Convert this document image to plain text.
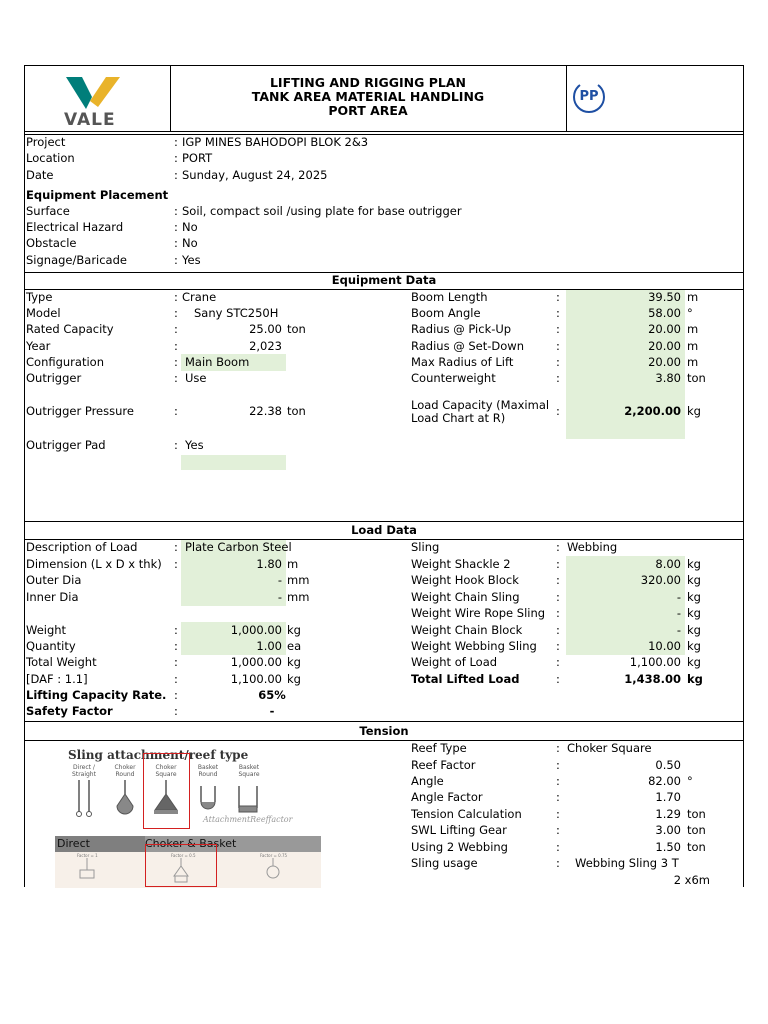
VALE
LIFTING AND RIGGING PLAN
TANK AREA MATERIAL HANDLING
PORT AREA
PP
Project	: IGP MINES BAHODOPI BLOK 2&3
Location	: PORT
Date	: Sunday, August 24, 2025
Equipment Placement
Surface	: Soil, compact soil /using plate for base outrigger
Electrical Hazard	: No
Obstacle	: No
Signage/Baricade	: Yes
Equipment Data
Type	: Crane
Model	: Sany STC250H
Rated Capacity	:	25.00 ton
Year	:	2,023
Configuration	: Main Boom
Outrigger	: Use
Outrigger Pressure	:	22.38 ton
Outrigger Pad	: Yes
Boom Length	:	39.50 m
Boom Angle	:	58.00 °
Radius @ Pick-Up	:	20.00 m
Radius @ Set-Down	:	20.00 m
Max Radius of Lift	:	20.00 m
Counterweight	:	3.80 ton
Load Capacity (Maximal
Load Chart at R)	:	2,200.00 kg
Load Data
Description of Load	: Plate Carbon Steel
Dimension (L x D x thk) :	1.80 m
Outer Dia	- mm
Inner Dia	- mm
Weight	:	1,000.00 kg
Quantity	:	1.00 ea
Total Weight	:	1,000.00 kg
[DAF : 1.1]	:	1,100.00 kg
Lifting Capacity Rate. :	65%
Safety Factor	:	-
Sling	: Webbing
Weight Shackle 2	:	8.00 kg
Weight Hook Block	:	320.00 kg
Weight Chain Sling	:	- kg
Weight Wire Rope Sling :	- kg
Weight Chain Block	:	- kg
Weight Webbing Sling :	10.00 kg
Weight of Load	:	1,100.00 kg
Total Lifted Load	:	1,438.00 kg
Tension
Sling attachment/reef type
Direct /
Straight
Choker
Round
Choker
Square
Basket
Round
Basket
Square
AttachmentReeffactor
Direct	Choker & Basket
Factor = 1	Factor = 0.5	Factor = 0.75
Reef Type	: Choker Square
Reef Factor	:	0.50
Angle	:	82.00 °
Angle Factor	:	1.70
Tension Calculation	:	1.29 ton
SWL Lifting Gear	:	3.00 ton
Using 2 Webbing	:	1.50 ton
Sling usage	: Webbing Sling 3 T
2 x6m
